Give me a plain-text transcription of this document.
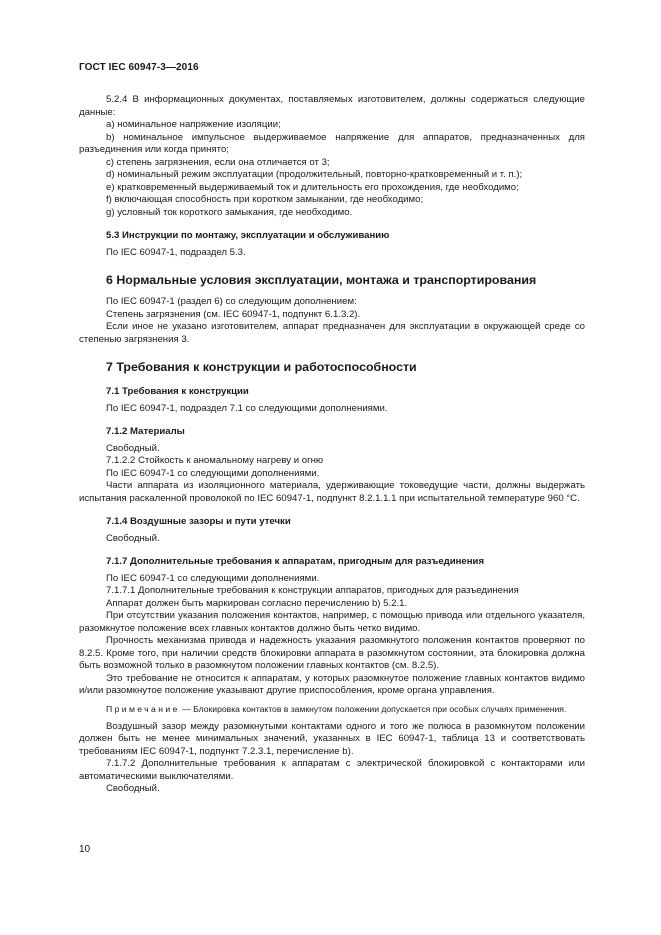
ГОСТ IEC 60947-3—2016
5.2.4 В информационных документах, поставляемых изготовителем, должны содержаться следующие данные:
a) номинальное напряжение изоляции;
b) номинальное импульсное выдерживаемое напряжение для аппаратов, предназначенных для разъединения или когда принято;
c) степень загрязнения, если она отличается от 3;
d) номинальный режим эксплуатации (продолжительный, повторно-кратковременный и т. п.);
e) кратковременный выдерживаемый ток и длительность его прохождения, где необходимо;
f) включающая способность при коротком замыкании, где необходимо;
g) условный ток короткого замыкания, где необходимо.
5.3 Инструкции по монтажу, эксплуатации и обслуживанию
По IEC 60947-1, подраздел 5.3.
6 Нормальные условия эксплуатации, монтажа и транспортирования
По IEC 60947-1 (раздел 6) со следующим дополнением:
Степень загрязнения (см. IEC 60947-1, подпункт 6.1.3.2).
Если иное не указано изготовителем, аппарат предназначен для эксплуатации в окружающей среде со степенью загрязнения 3.
7 Требования к конструкции и работоспособности
7.1 Требования к конструкции
По IEC 60947-1, подраздел 7.1 со следующими дополнениями.
7.1.2 Материалы
Свободный.
7.1.2.2 Стойкость к аномальному нагреву и огню
По IEC 60947-1 со следующими дополнениями.
Части аппарата из изоляционного материала, удерживающие токоведущие части, должны выдержать испытания раскаленной проволокой по IEC 60947-1, подпункт 8.2.1.1.1 при испытательной температуре 960 °C.
7.1.4 Воздушные зазоры и пути утечки
Свободный.
7.1.7 Дополнительные требования к аппаратам, пригодным для разъединения
По IEC 60947-1 со следующими дополнениями.
7.1.7.1 Дополнительные требования к конструкции аппаратов, пригодных для разъединения
Аппарат должен быть маркирован согласно перечислению b) 5.2.1.
При отсутствии указания положения контактов, например, с помощью привода или отдельного указателя, разомкнутое положение всех главных контактов должно быть четко видимо.
Прочность механизма привода и надежность указания разомкнутого положения контактов проверяют по 8.2.5. Кроме того, при наличии средств блокировки аппарата в разомкнутом состоянии, эта блокировка должна быть возможной только в разомкнутом положении главных контактов (см. 8.2.5).
Это требование не относится к аппаратам, у которых разомкнутое положение главных контактов видимо и/или разомкнутое положение указывают другие приспособления, кроме органа управления.
Примечание — Блокировка контактов в замкнутом положении допускается при особых случаях применения.
Воздушный зазор между разомкнутыми контактами одного и того же полюса в разомкнутом положении должен быть не менее минимальных значений, указанных в IEC 60947-1, таблица 13 и соответствовать требованиям IEC 60947-1, подпункт 7.2.3.1, перечисление b).
7.1.7.2 Дополнительные требования к аппаратам с электрической блокировкой с контакторами или автоматическими выключателями.
Свободный.
10
